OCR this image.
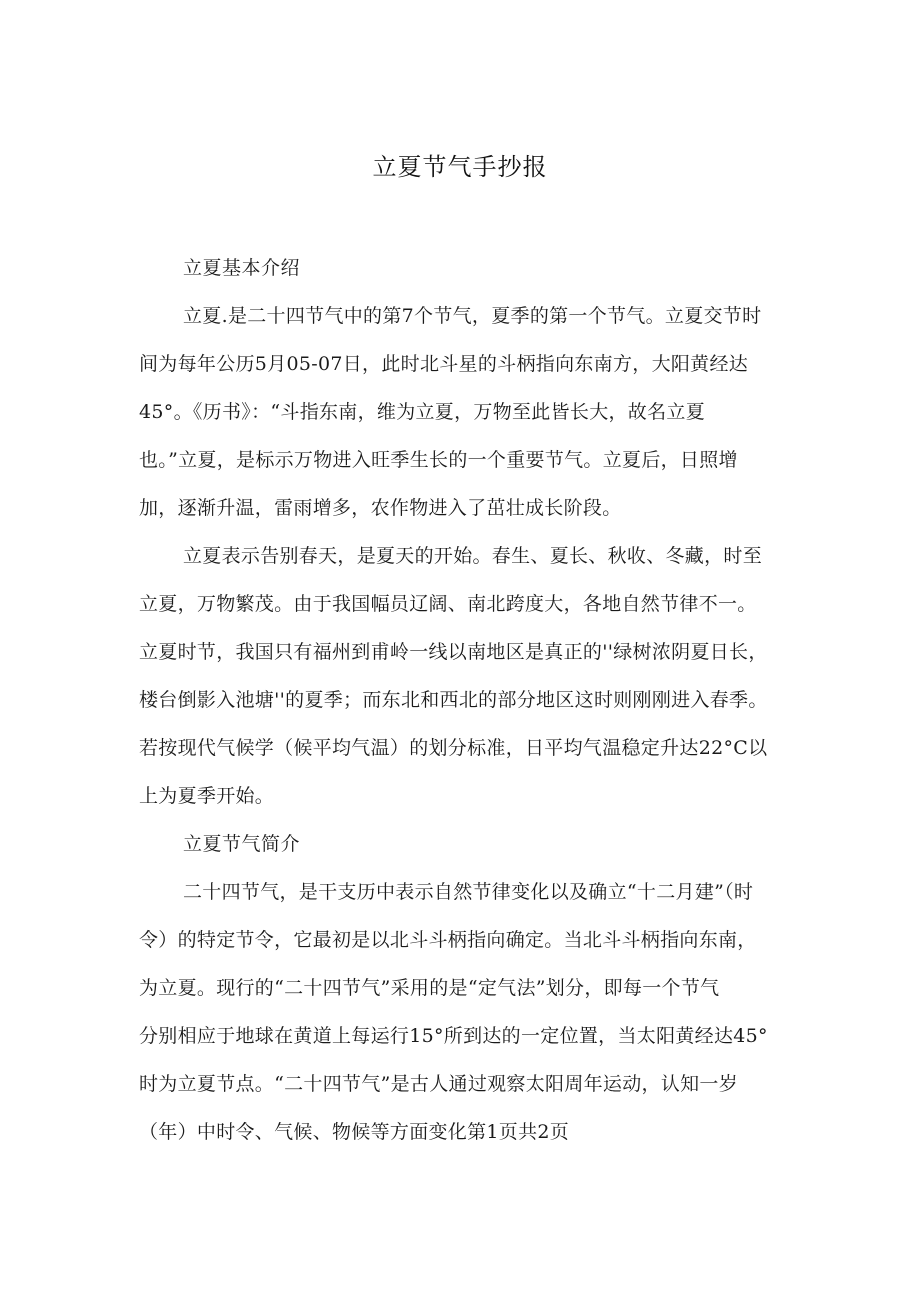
立夏节气手抄报

立夏基本介绍

立夏.是二十四节气中的第7个节气，夏季的第一个节气。立夏交节时
间为每年公历5月05-07日，此时北斗星的斗柄指向东南方，大阳黄经达
45°。《历书》：“斗指东南，维为立夏，万物至此皆长大，故名立夏
也。”立夏，是标示万物进入旺季生长的一个重要节气。立夏后，日照增
加，逐渐升温，雷雨增多，农作物进入了茁壮成长阶段。
立夏表示告别春天，是夏天的开始。春生、夏长、秋收、冬藏，时至
立夏，万物繁茂。由于我国幅员辽阔、南北跨度大，各地自然节律不一。
立夏时节，我国只有福州到甫岭一线以南地区是真正的''绿树浓阴夏日长，
楼台倒影入池塘''的夏季；而东北和西北的部分地区这时则刚刚进入春季。
若按现代气候学（候平均气温）的划分标准，日平均气温稳定升达22°C以
上为夏季开始。

立夏节气简介

二十四节气，是干支历中表示自然节律变化以及确立“十二月建”（时
令）的特定节令，它最初是以北斗斗柄指向确定。当北斗斗柄指向东南，
为立夏。现行的“二十四节气”采用的是“定气法”划分，即每一个节气
分别相应于地球在黄道上每运行15°所到达的一定位置，当太阳黄经达45°
时为立夏节点。“二十四节气”是古人通过观察太阳周年运动，认知一岁
（年）中时令、气候、物候等方面变化第1页共2页
